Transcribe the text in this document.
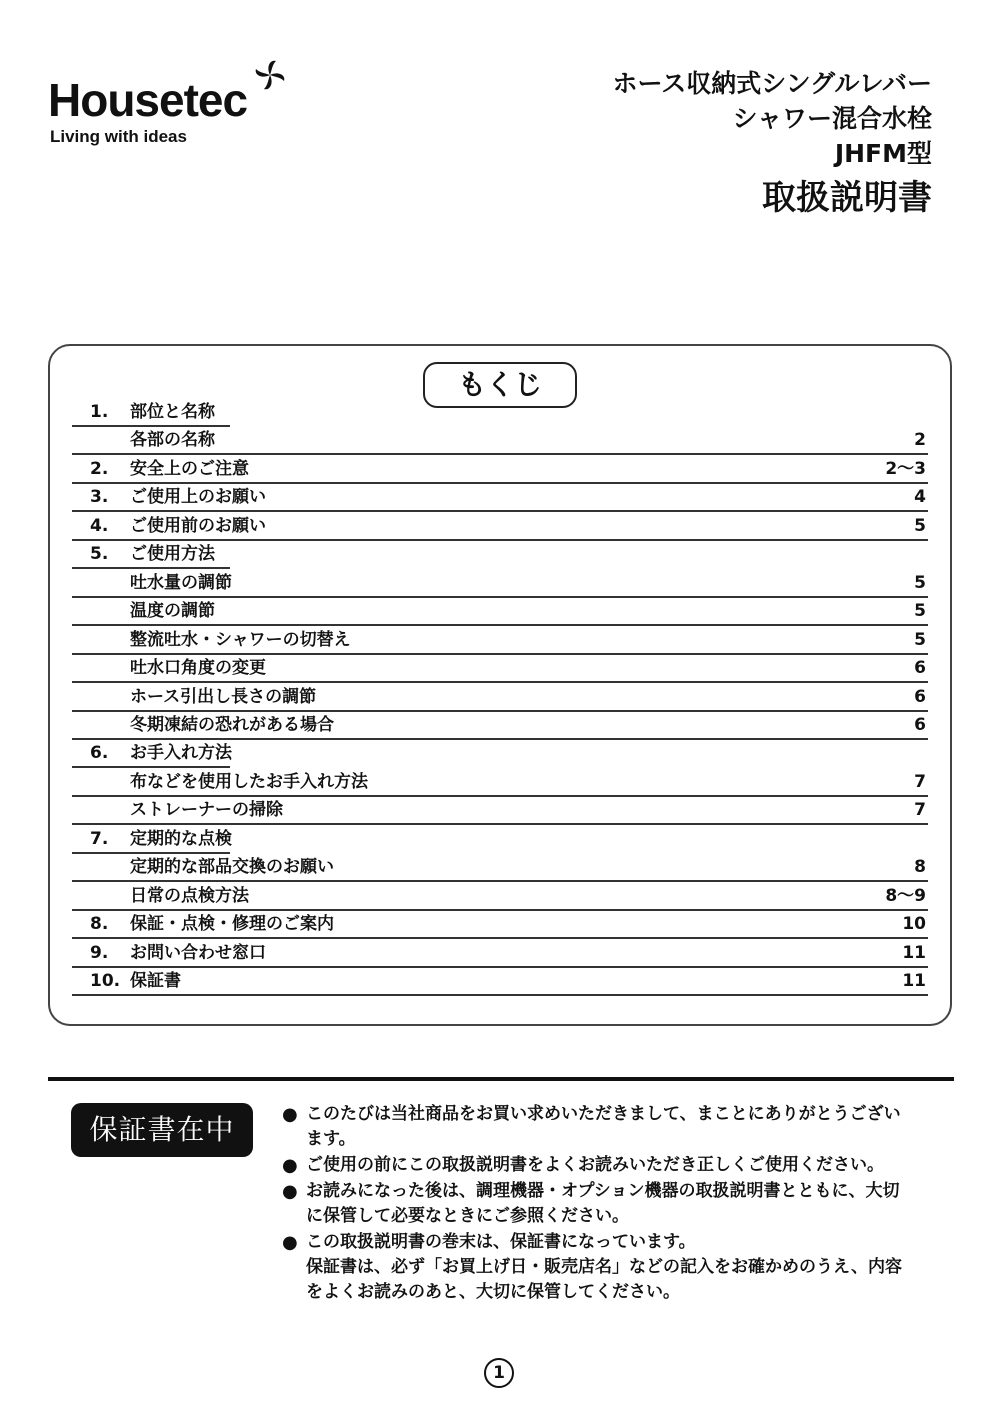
Housetec
Living with ideas
ホース収納式シングルレバー
シャワー混合水栓
JHFM型
取扱説明書
もくじ
1.	部位と名称
各部の名称	2
2.	安全上のご注意	2～3
3.	ご使用上のお願い	4
4.	ご使用前のお願い	5
5.	ご使用方法
吐水量の調節	5
温度の調節	5
整流吐水・シャワーの切替え	5
吐水口角度の変更	6
ホース引出し長さの調節	6
冬期凍結の恐れがある場合	6
6.	お手入れ方法
布などを使用したお手入れ方法	7
ストレーナーの掃除	7
7.	定期的な点検
定期的な部品交換のお願い	8
日常の点検方法	8～9
8.	保証・点検・修理のご案内	10
9.	お問い合わせ窓口	11
10. 保証書	11
保証書在中	● このたびは当社商品をお買い求めいただきまして、まことにありがとうござい
ます。
● ご使用の前にこの取扱説明書をよくお読みいただき正しくご使用ください。
● お読みになった後は、調理機器・オプション機器の取扱説明書とともに、大切
に保管して必要なときにご参照ください。
● この取扱説明書の巻末は、保証書になっています。
保証書は、必ず「お買上げ日・販売店名」などの記入をお確かめのうえ、内容
をよくお読みのあと、大切に保管してください。
1
